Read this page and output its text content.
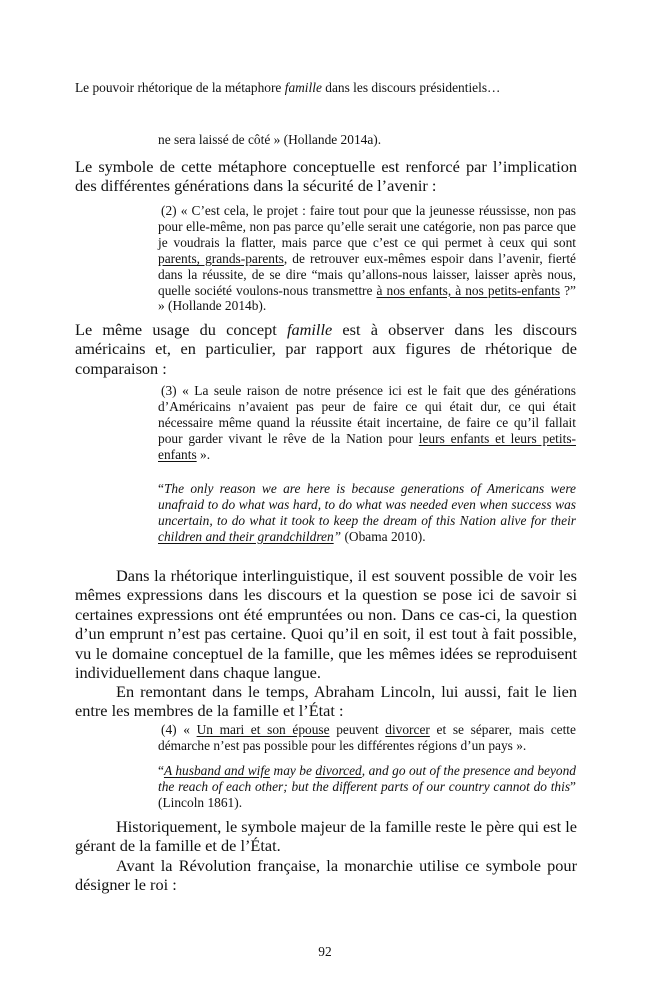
Le pouvoir rhétorique de la métaphore famille dans les discours présidentiels…

ne sera laissé de côté » (Hollande 2014a).

Le symbole de cette métaphore conceptuelle est renforcé par l’implication des différentes générations dans la sécurité de l’avenir :

(2) « C’est cela, le projet : faire tout pour que la jeunesse réussisse, non pas pour elle-même, non pas parce qu’elle serait une catégorie, non pas parce que je voudrais la flatter, mais parce que c’est ce qui permet à ceux qui sont parents, grands-parents, de retrouver eux-mêmes espoir dans l’avenir, fierté dans la réussite, de se dire “mais qu’allons-nous laisser, laisser après nous, quelle société voulons-nous transmettre à nos enfants, à nos petits-enfants ?” » (Hollande 2014b).

Le même usage du concept famille est à observer dans les discours américains et, en particulier, par rapport aux figures de rhétorique de comparaison :

(3) « La seule raison de notre présence ici est le fait que des générations d’Américains n’avaient pas peur de faire ce qui était dur, ce qui était nécessaire même quand la réussite était incertaine, de faire ce qu’il fallait pour garder vivant le rêve de la Nation pour leurs enfants et leurs petits-enfants ».

“The only reason we are here is because generations of Americans were unafraid to do what was hard, to do what was needed even when success was uncertain, to do what it took to keep the dream of this Nation alive for their children and their grandchildren” (Obama 2010).

Dans la rhétorique interlinguistique, il est souvent possible de voir les mêmes expressions dans les discours et la question se pose ici de savoir si certaines expressions ont été empruntées ou non. Dans ce cas-ci, la question d’un emprunt n’est pas certaine. Quoi qu’il en soit, il est tout à fait possible, vu le domaine conceptuel de la famille, que les mêmes idées se reproduisent individuellement dans chaque langue.

En remontant dans le temps, Abraham Lincoln, lui aussi, fait le lien entre les membres de la famille et l’État :

(4) « Un mari et son épouse peuvent divorcer et se séparer, mais cette démarche n’est pas possible pour les différentes régions d’un pays ».

“A husband and wife may be divorced, and go out of the presence and beyond the reach of each other; but the different parts of our country cannot do this” (Lincoln 1861).

Historiquement, le symbole majeur de la famille reste le père qui est le gérant de la famille et de l’État.

Avant la Révolution française, la monarchie utilise ce symbole pour désigner le roi :

92
